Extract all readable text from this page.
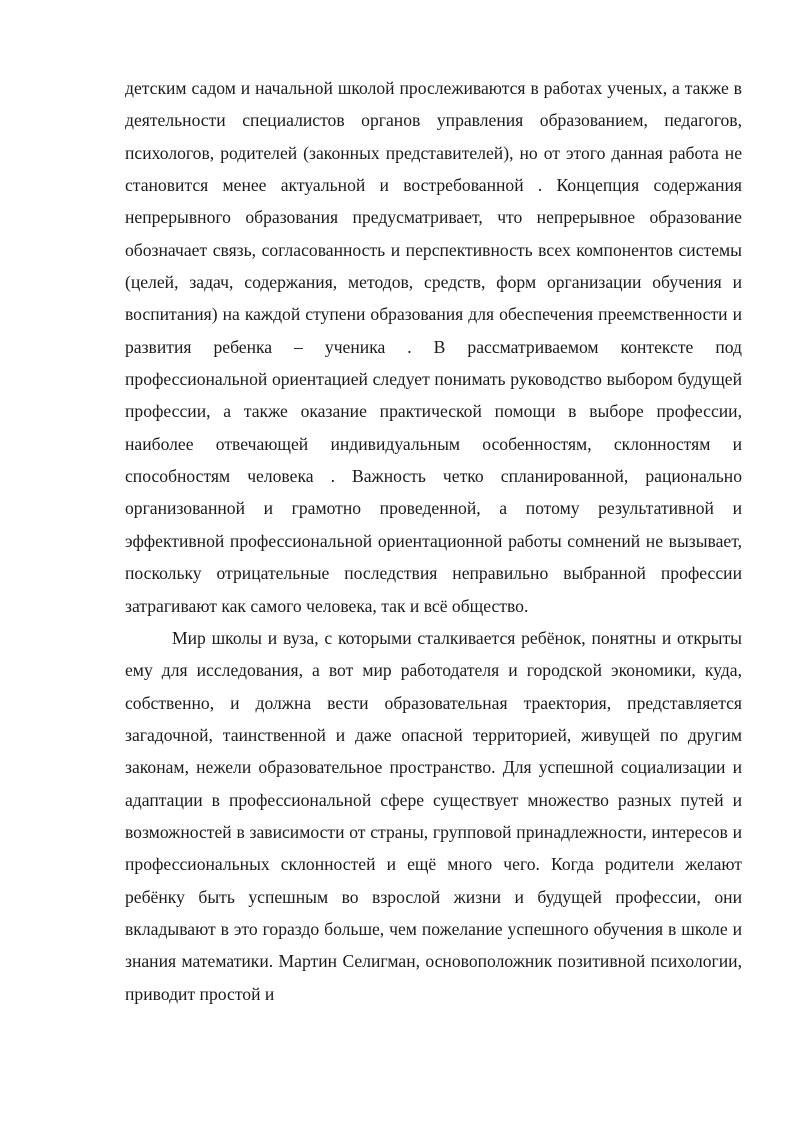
детским садом и начальной школой прослеживаются в работах ученых, а также в деятельности специалистов органов управления образованием, педагогов, психологов, родителей (законных представителей), но от этого данная работа не становится менее актуальной и востребованной . Концепция содержания непрерывного образования предусматривает, что непрерывное образование обозначает связь, согласованность и перспективность всех компонентов системы (целей, задач, содержания, методов, средств, форм организации обучения и воспитания) на каждой ступени образования для обеспечения преемственности и развития ребенка – ученика . В рассматриваемом контексте под профессиональной ориентацией следует понимать руководство выбором будущей профессии, а также оказание практической помощи в выборе профессии, наиболее отвечающей индивидуальным особенностям, склонностям и способностям человека . Важность четко спланированной, рационально организованной и грамотно проведенной, а потому результативной и эффективной профессиональной ориентационной работы сомнений не вызывает, поскольку отрицательные последствия неправильно выбранной профессии затрагивают как самого человека, так и всё общество.

Мир школы и вуза, с которыми сталкивается ребёнок, понятны и открыты ему для исследования, а вот мир работодателя и городской экономики, куда, собственно, и должна вести образовательная траектория, представляется загадочной, таинственной и даже опасной территорией, живущей по другим законам, нежели образовательное пространство. Для успешной социализации и адаптации в профессиональной сфере существует множество разных путей и возможностей в зависимости от страны, групповой принадлежности, интересов и профессиональных склонностей и ещё много чего. Когда родители желают ребёнку быть успешным во взрослой жизни и будущей профессии, они вкладывают в это гораздо больше, чем пожелание успешного обучения в школе и знания математики. Мартин Селигман, основоположник позитивной психологии, приводит простой и
